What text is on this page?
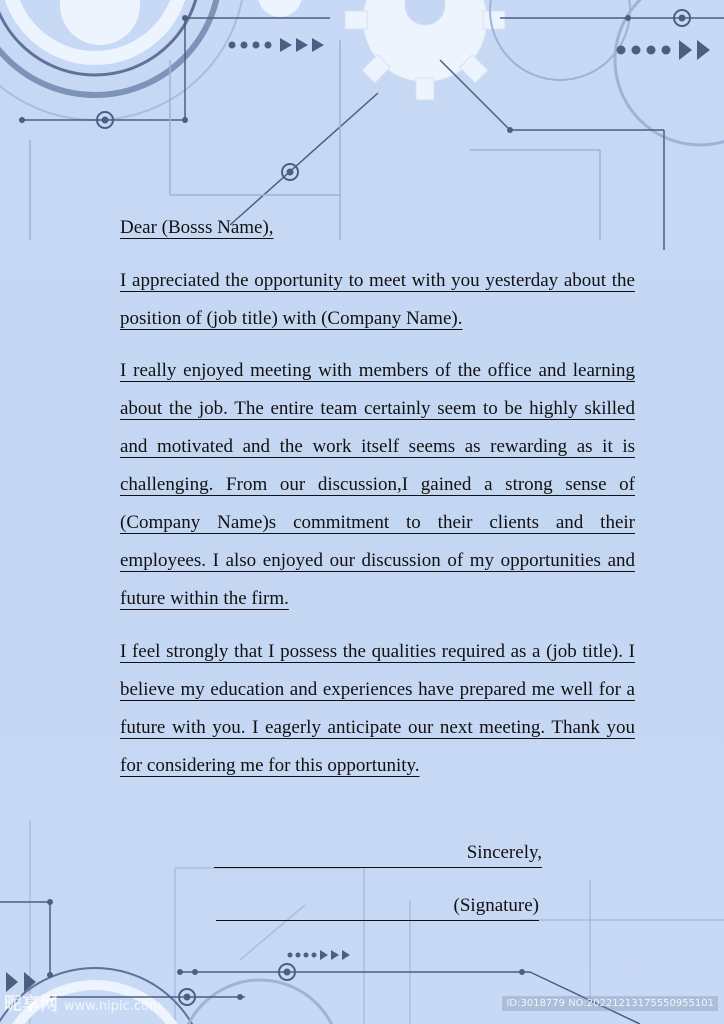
Dear (Bosss Name),

I appreciated the opportunity to meet with you yesterday about the position of (job title) with (Company Name).

I really enjoyed meeting with members of the office and learning about the job. The entire team certainly seem to be highly skilled and motivated and the work itself seems as rewarding as it is challenging. From our discussion,I gained a strong sense of (Company Name)s commitment to their clients and their employees. I also enjoyed our discussion of my opportunities and future within the firm.

I feel strongly that I possess the qualities required as a (job title). I believe my education and experiences have prepared me well for a future with you. I eagerly anticipate our next meeting. Thank you for considering me for this opportunity.

Sincerely,
(Signature)
昵享网 www.nipic.com	ID:3018779 NO:20221213175550955101
